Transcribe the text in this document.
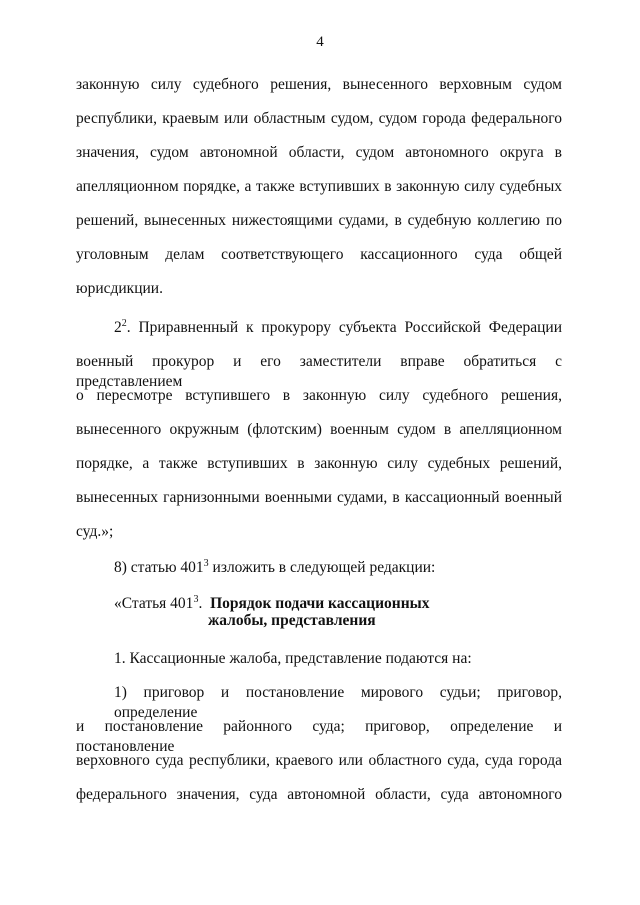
4
законную силу судебного решения, вынесенного верховным судом
республики, краевым или областным судом, судом города федерального
значения, судом автономной области, судом автономного округа в
апелляционном порядке, а также вступивших в законную силу судебных
решений, вынесенных нижестоящими судами, в судебную коллегию по
уголовным делам соответствующего кассационного суда общей
юрисдикции.
$2^2$. Приравненный к прокурору субъекта Российской Федерации
военный прокурор и его заместители вправе обратиться с представлением
о пересмотре вступившего в законную силу судебного решения,
вынесенного окружным (флотским) военным судом в апелляционном
порядке, а также вступивших в законную силу судебных решений,
вынесенных гарнизонными военными судами, в кассационный военный
суд.»;
8) статью $401^3$ изложить в следующей редакции:
«Статья $401^3$. Порядок подачи кассационных
жалобы, представления
1. Кассационные жалоба, представление подаются на:
1) приговор и постановление мирового судьи; приговор, определение
и постановление районного суда; приговор, определение и постановление
верховного суда республики, краевого или областного суда, суда города
федерального значения, суда автономной области, суда автономного
